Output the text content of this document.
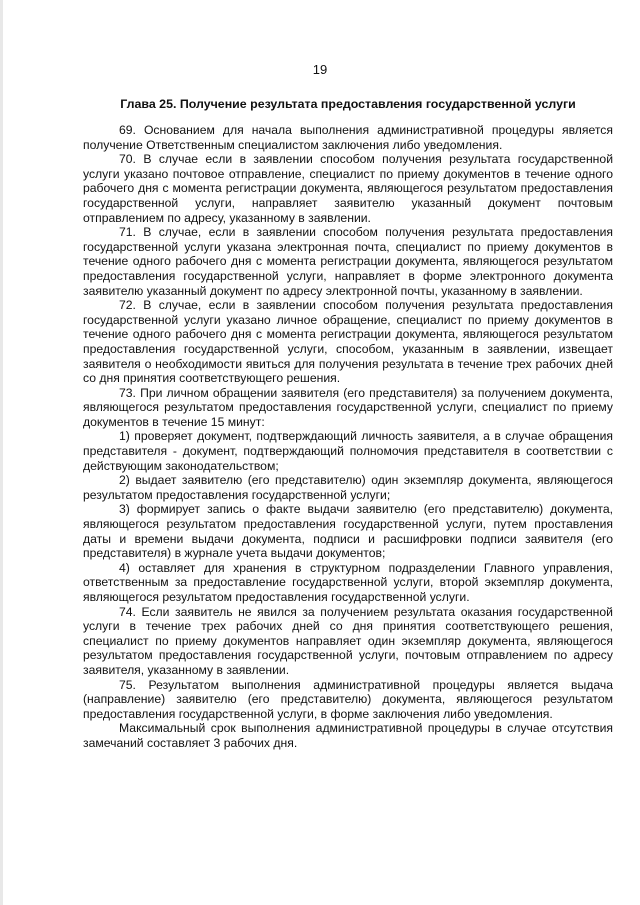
19
Глава 25. Получение результата предоставления государственной услуги

69. Основанием для начала выполнения административной процедуры является получение Ответственным специалистом заключения либо уведомления.

70. В случае если в заявлении способом получения результата государственной услуги указано почтовое отправление, специалист по приему документов в течение одного рабочего дня с момента регистрации документа, являющегося результатом предоставления государственной услуги, направляет заявителю указанный документ почтовым отправлением по адресу, указанному в заявлении.

71. В случае, если в заявлении способом получения результата предоставления государственной услуги указана электронная почта, специалист по приему документов в течение одного рабочего дня с момента регистрации документа, являющегося результатом предоставления государственной услуги, направляет в форме электронного документа заявителю указанный документ по адресу электронной почты, указанному в заявлении.

72. В случае, если в заявлении способом получения результата предоставления государственной услуги указано личное обращение, специалист по приему документов в течение одного рабочего дня с момента регистрации документа, являющегося результатом предоставления государственной услуги, способом, указанным в заявлении, извещает заявителя о необходимости явиться для получения результата в течение трех рабочих дней со дня принятия соответствующего решения.

73. При личном обращении заявителя (его представителя) за получением документа, являющегося результатом предоставления государственной услуги, специалист по приему документов в течение 15 минут:

1) проверяет документ, подтверждающий личность заявителя, а в случае обращения представителя - документ, подтверждающий полномочия представителя в соответствии с действующим законодательством;

2) выдает заявителю (его представителю) один экземпляр документа, являющегося результатом предоставления государственной услуги;

3) формирует запись о факте выдачи заявителю (его представителю) документа, являющегося результатом предоставления государственной услуги, путем проставления даты и времени выдачи документа, подписи и расшифровки подписи заявителя (его представителя) в журнале учета выдачи документов;

4) оставляет для хранения в структурном подразделении Главного управления, ответственным за предоставление государственной услуги, второй экземпляр документа, являющегося результатом предоставления государственной услуги.

74. Если заявитель не явился за получением результата оказания государственной услуги в течение трех рабочих дней со дня принятия соответствующего решения, специалист по приему документов направляет один экземпляр документа, являющегося результатом предоставления государственной услуги, почтовым отправлением по адресу заявителя, указанному в заявлении.

75. Результатом выполнения административной процедуры является выдача (направление) заявителю (его представителю) документа, являющегося результатом предоставления государственной услуги, в форме заключения либо уведомления.

Максимальный срок выполнения административной процедуры в случае отсутствия замечаний составляет 3 рабочих дня.
